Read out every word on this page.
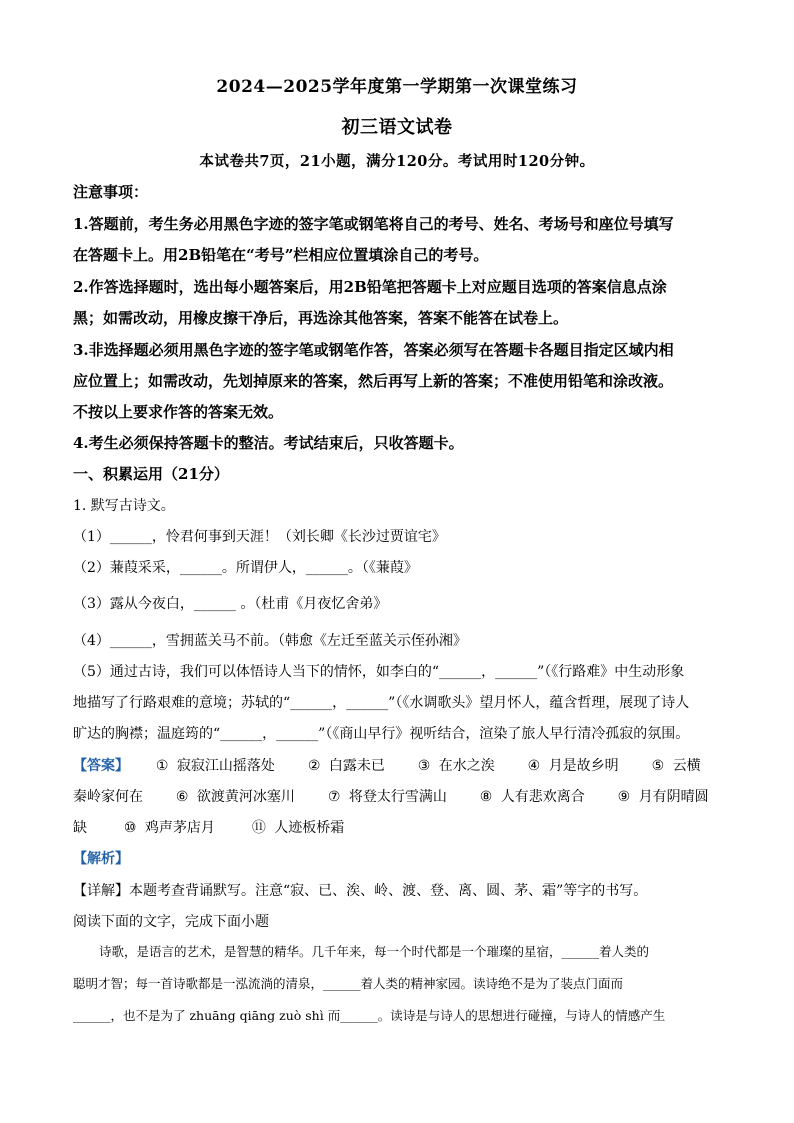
2024—2025学年度第一学期第一次课堂练习
初三语文试卷
本试卷共7页，21小题，满分120分。考试用时120分钟。
注意事项：
1.答题前，考生务必用黑色字迹的签字笔或钢笔将自己的考号、姓名、考场号和座位号填写
在答题卡上。用2B铅笔在“考号”栏相应位置填涂自己的考号。
2.作答选择题时，选出每小题答案后，用2B铅笔把答题卡上对应题目选项的答案信息点涂
黑；如需改动，用橡皮擦干净后，再选涂其他答案，答案不能答在试卷上。
3.非选择题必须用黑色字迹的签字笔或钢笔作答，答案必须写在答题卡各题目指定区域内相
应位置上；如需改动，先划掉原来的答案，然后再写上新的答案；不准使用铅笔和涂改液。
不按以上要求作答的答案无效。
4.考生必须保持答题卡的整洁。考试结束后，只收答题卡。
一、积累运用（21分）
1. 默写古诗文。
（1）______，怜君何事到天涯！（刘长卿《长沙过贾谊宅》
（2）蒹葭采采，______。所谓伊人，______。（《蒹葭》
（3）露从今夜白，______ 。（杜甫《月夜忆舍弟》
（4）______，雪拥蓝关马不前。（韩愈《左迁至蓝关示侄孙湘》
（5）通过古诗，我们可以体悟诗人当下的情怀，如李白的“______，______”（《行路难》中生动形象
地描写了行路艰难的意境；苏轼的“______，______”（《水调歌头》望月怀人，蕴含哲理，展现了诗人
旷达的胸襟；温庭筠的“______，______”（《商山早行》视听结合，渲染了旅人早行清冷孤寂的氛围。
【答案】 ① 寂寂江山摇落处 ② 白露未已 ③ 在水之涘 ④ 月是故乡明 ⑤ 云横
秦岭家何在 ⑥ 欲渡黄河冰塞川 ⑦ 将登太行雪满山 ⑧ 人有悲欢离合 ⑨ 月有阴晴圆
缺	⑩ 鸡声茅店月	⑪ 人迹板桥霜
【解析】
【详解】本题考查背诵默写。注意“寂、已、涘、岭、渡、登、离、圆、茅、霜”等字的书写。
阅读下面的文字，完成下面小题
诗歌，是语言的艺术，是智慧的精华。几千年来，每一个时代都是一个璀璨的星宿，______着人类的
聪明才智；每一首诗歌都是一泓流淌的清泉，______着人类的精神家园。读诗绝不是为了装点门面而
______，也不是为了 zhuāng qiāng zuò shì 而______。读诗是与诗人的思想进行碰撞，与诗人的情感产生
